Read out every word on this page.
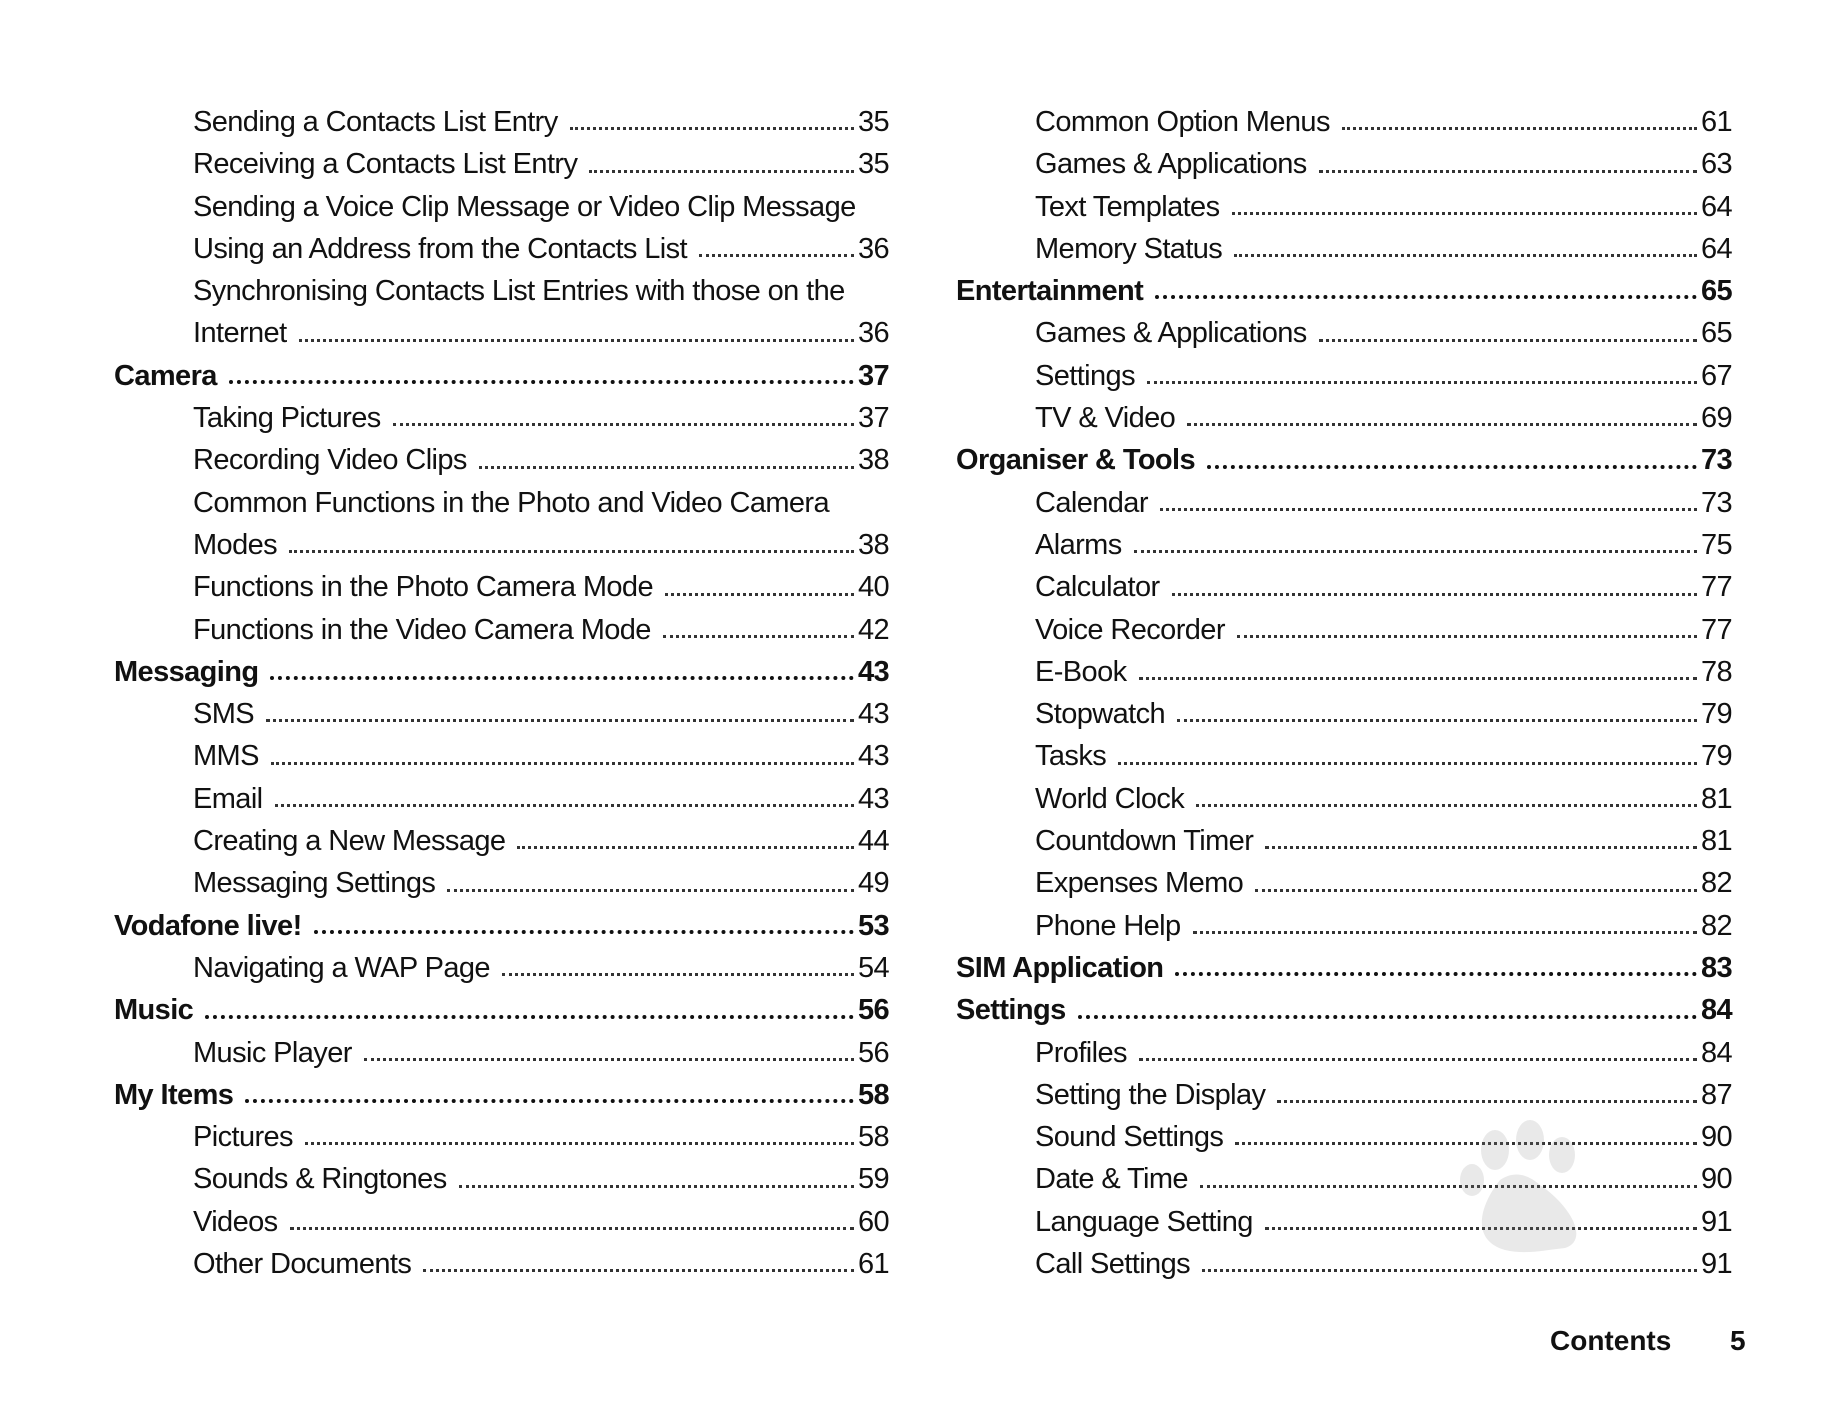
Sending a Contacts List Entry	35
Receiving a Contacts List Entry	35
Sending a Voice Clip Message or Video Clip Message
Using an Address from the Contacts List	36
Synchronising Contacts List Entries with those on the
Internet	36
Camera	37
Taking Pictures	37
Recording Video Clips	38
Common Functions in the Photo and Video Camera
Modes	38
Functions in the Photo Camera Mode	40
Functions in the Video Camera Mode	42
Messaging	43
SMS	43
MMS	43
Email	43
Creating a New Message	44
Messaging Settings	49
Vodafone live!	53
Navigating a WAP Page	54
Music	56
Music Player	56
My Items	58
Pictures	58
Sounds & Ringtones	59
Videos	60
Other Documents	61
Common Option Menus	61
Games & Applications	63
Text Templates	64
Memory Status	64
Entertainment	65
Games & Applications	65
Settings	67
TV & Video	69
Organiser & Tools	73
Calendar	73
Alarms	75
Calculator	77
Voice Recorder	77
E-Book	78
Stopwatch	79
Tasks	79
World Clock	81
Countdown Timer	81
Expenses Memo	82
Phone Help	82
SIM Application	83
Settings	84
Profiles	84
Setting the Display	87
Sound Settings	90
Date & Time	90
Language Setting	91
Call Settings	91
Contents 5
